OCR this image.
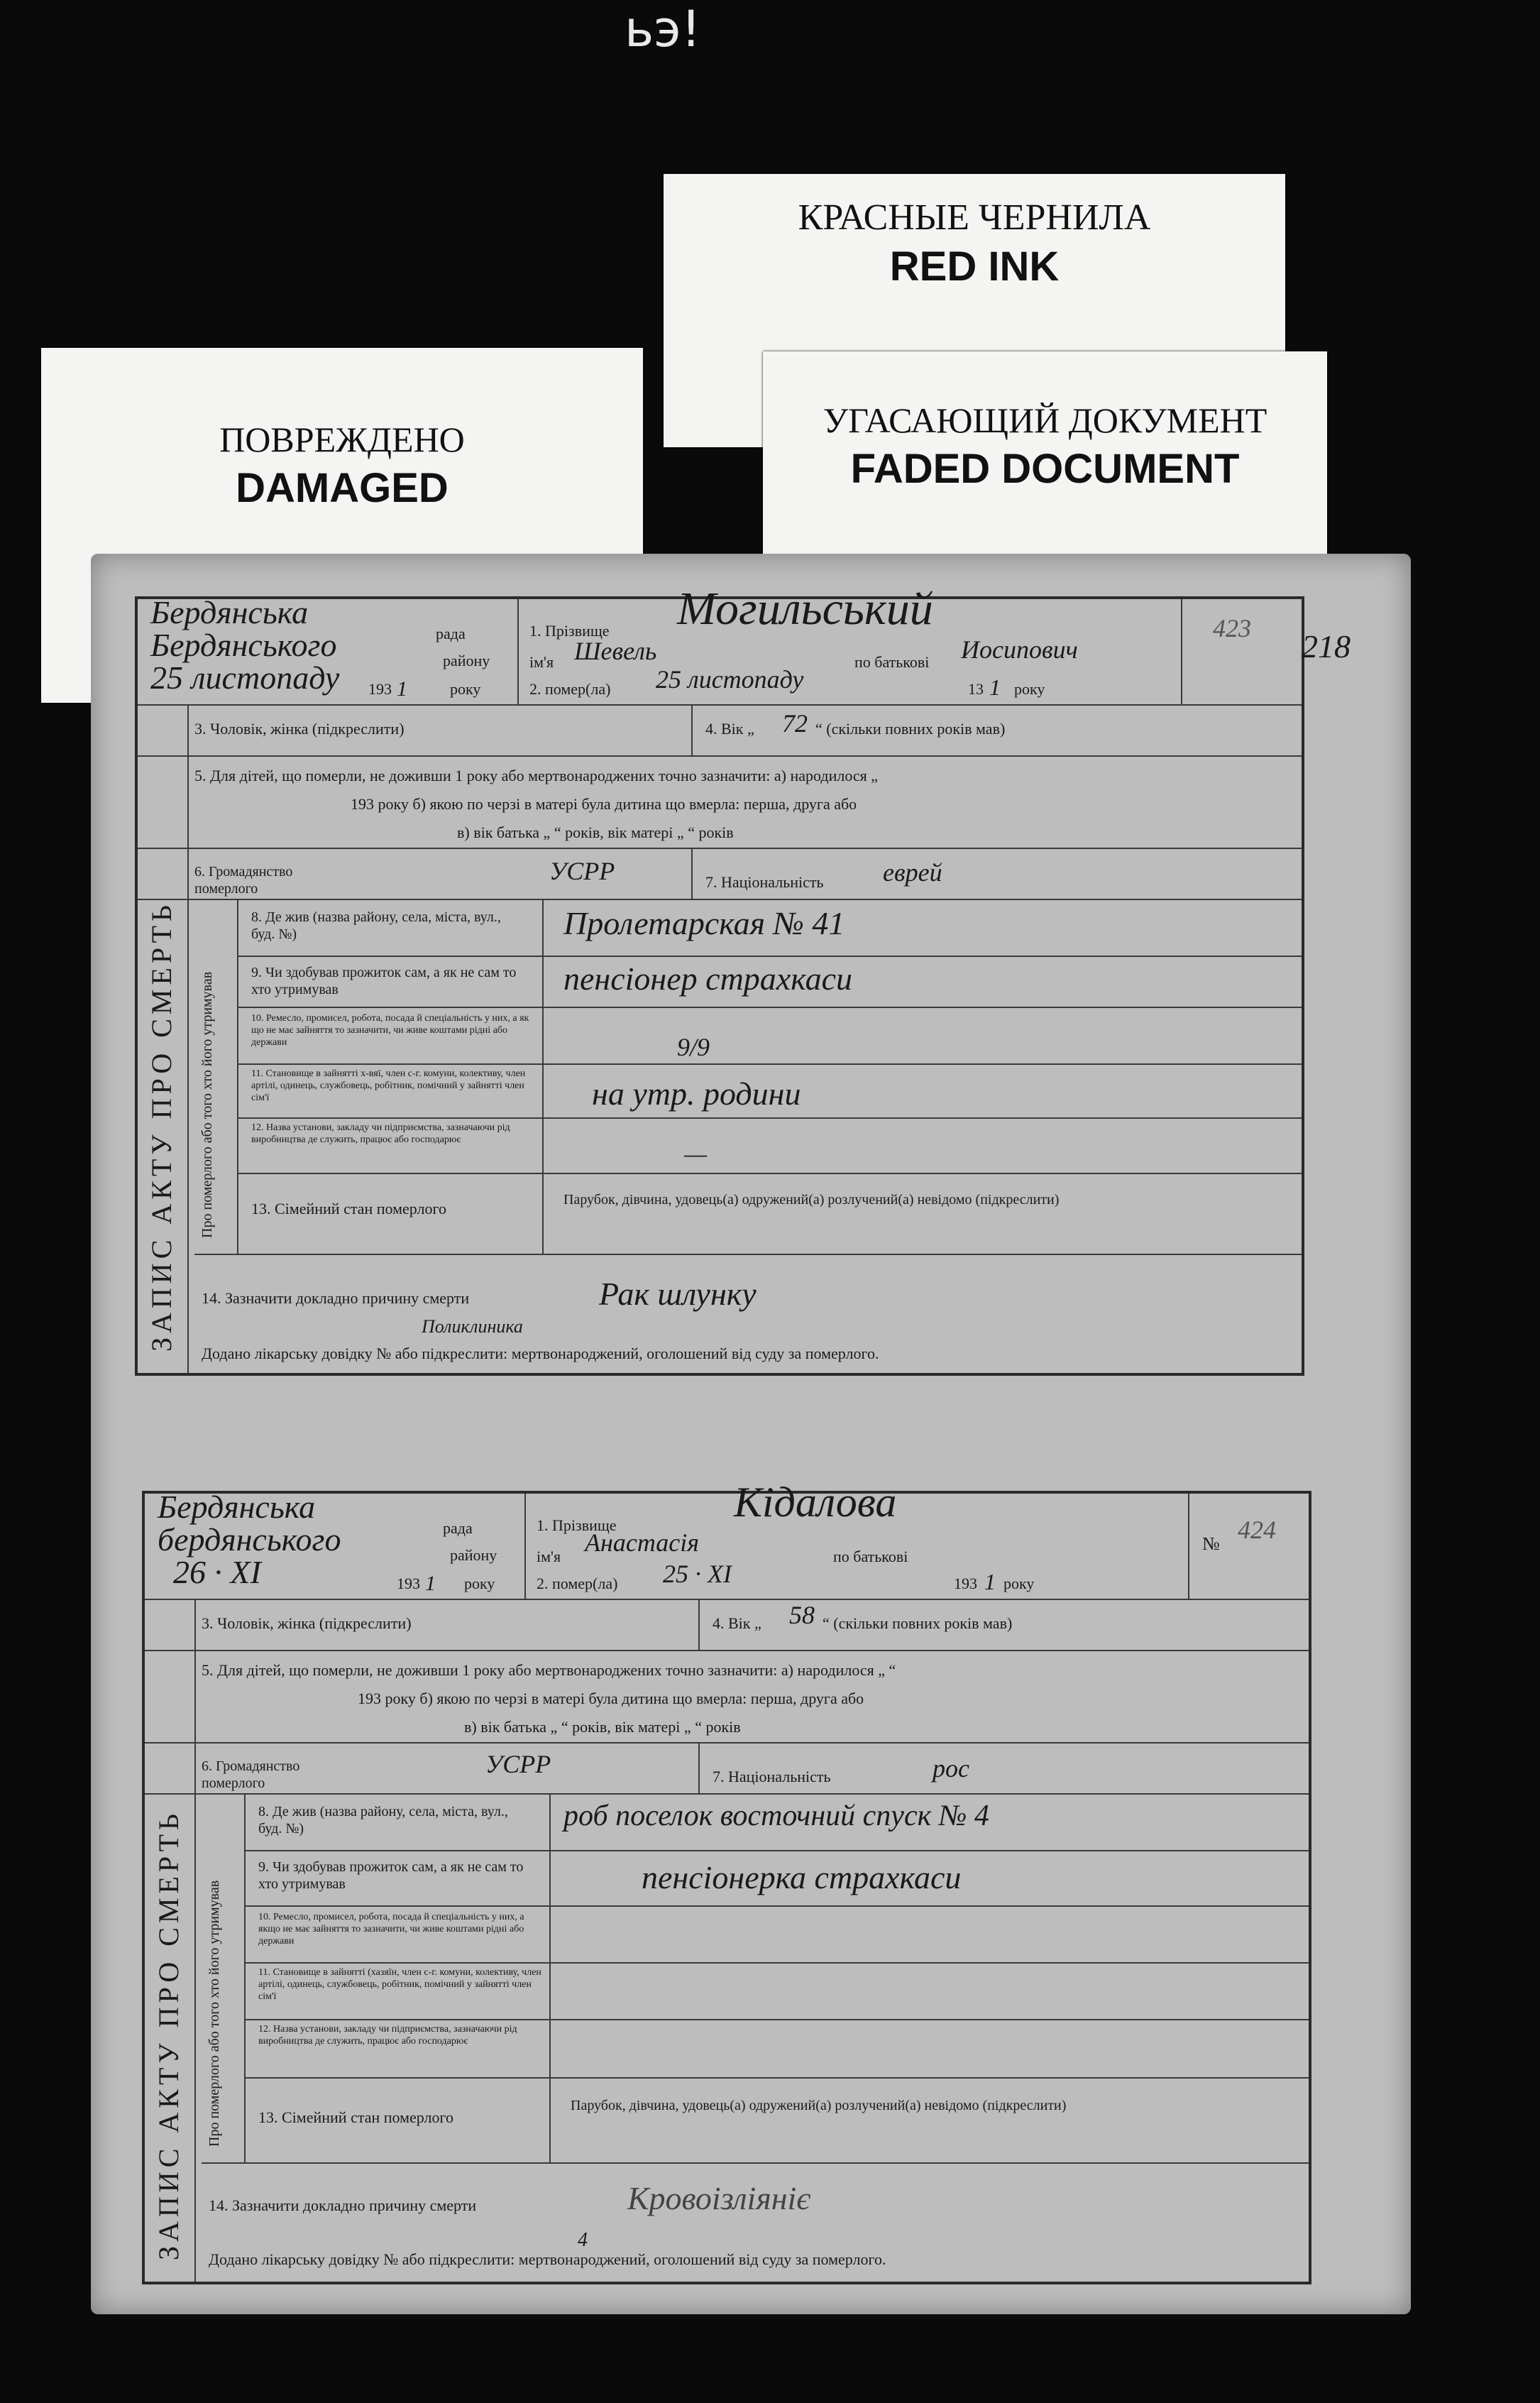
ьэ!
КРАСНЫЕ ЧЕРНИЛА
RED INK
ПОВРЕЖДЕНО
DAMAGED
УГАСАЮЩИЙ ДОКУМЕНТ
FADED DOCUMENT
Бердянська
рада
Бердянського	району
25 листопаду 193 1	року
1. Прізвище Могильський
ім'я Шевель	по батькові Иосипович
2. помер(ла) 25 листопаду	13 1 року
423 218
3. Чоловік, жінка (підкреслити)	4. Вік „ 72 “ (скільки повних років мав)
5. Для дітей, що померли, не доживши 1 року або мертвонароджених точно зазначити: а) народилося „
193 року б) якою по черзі в матері була дитина що вмерла: перша, друга або
в) вік батька „ “ років, вік матері „ “ років
6. Громадянство померлого
УСРР	7. Національність еврей
Про померлого або того хто його утримував
8. Де жив (назва району, села, міста, вул., буд. №)	Пролетарская № 41
9. Чи здобував прожиток сам, а як не сам то хто утримував	пенсіонер страхкаси
10. Ремесло, промисел, робота, посада й спеціальність у них, а як що не має зайняття то зазначити, чи живе коштами рідні або держави	9/9
11. Становище в зайнятті х-вяї, член с-г. комуни, колективу, член артілі, одинець, службовець, робітник, помічний у зайнятті член сім'ї	на утр. родини
12. Назва установи, закладу чи підприємства, зазначаючи рід виробництва де служить, працює або господарює	—
13. Сімейний стан померлого	Парубок, дівчина, удовець(а) одружений(а) розлучений(а) невідомо (підкреслити)
14. Зазначити докладно причину смерти	Рак шлунку
Поликлиника
Додано лікарську довідку № або підкреслити: мертвонароджений, оголошений від суду за померлого.
ЗАПИС АКТУ ПРО СМЕРТЬ
Бердянська
рада
бердянського	району
26 · XI	193 1 року
1. Прізвище	Кідалова
ім'я Анастасія	по батькові
2. помер(ла) 25 · XI	193 1 року
№ 424
3. Чоловік, жінка (підкреслити)	4. Вік „ 58 “ (скільки повних років мав)
5. Для дітей, що померли, не доживши 1 року або мертвонароджених точно зазначити: а) народилося „ “
193 року б) якою по черзі в матері була дитина що вмерла: перша, друга або
в) вік батька „ “ років, вік матері „ “ років
6. Громадянство померлого
УСРР	7. Національність	рос
Про померлого або того хто його утримував
8. Де жив (назва району, села, міста, вул., буд. №)	роб поселок восточний спуск № 4
9. Чи здобував прожиток сам, а як не сам то хто утримував	пенсіонерка страхкаси
10. Ремесло, промисел, робота, посада й спеціальність у них, а якщо не має зайняття то зазначити, чи живе коштами рідні або держави
11. Становище в зайнятті (хазяїн, член с-г. комуни, колективу, член артілі, одинець, службовець, робітник, помічний у зайнятті член сім'ї
12. Назва установи, закладу чи підприємства, зазначаючи рід виробництва де служить, працює або господарює
13. Сімейний стан померлого
Парубок, дівчина, удовець(а) одружений(а) розлучений(а) невідомо (підкреслити)
14. Зазначити докладно причину смерти	Кровоізліяніє
4
Додано лікарську довідку № або підкреслити: мертвонароджений, оголошений від суду за померлого.
ЗАПИС АКТУ ПРО СМЕРТЬ
